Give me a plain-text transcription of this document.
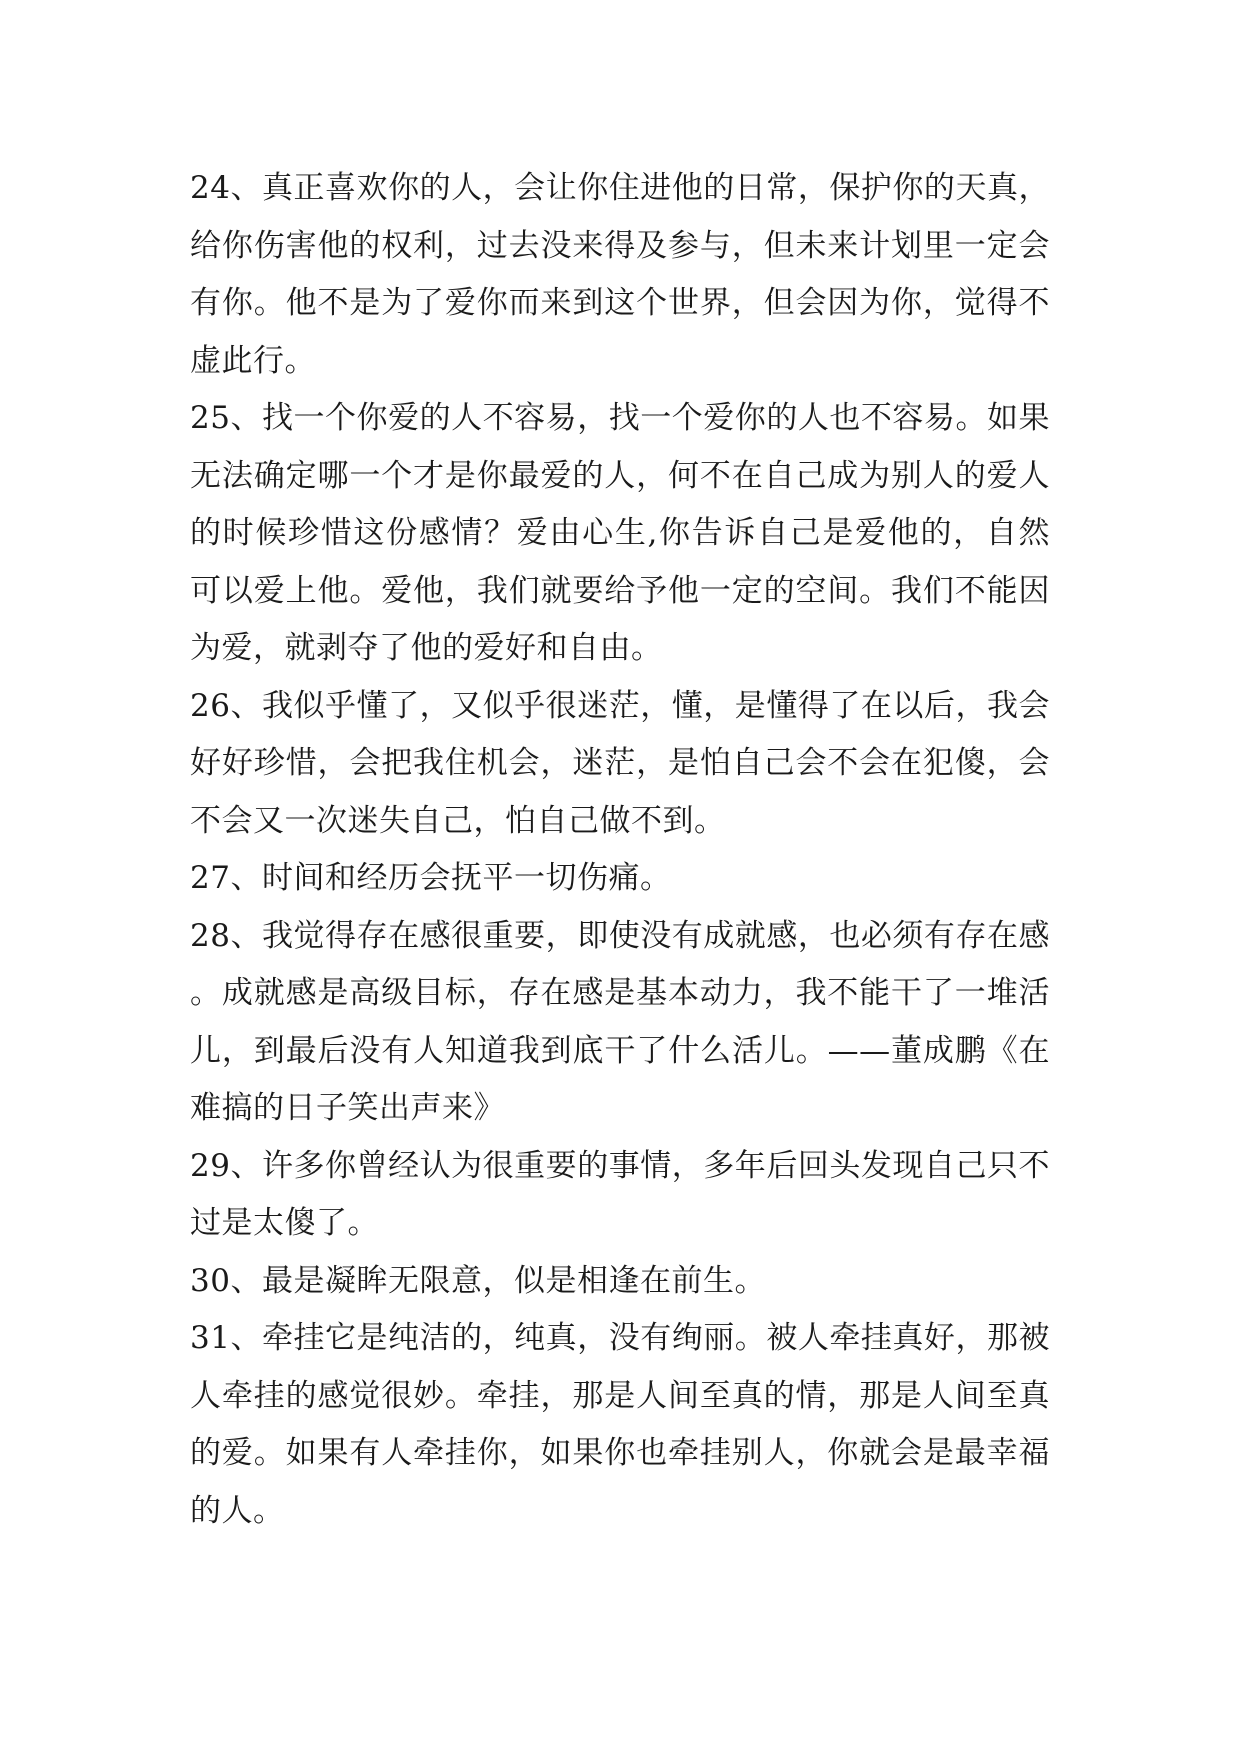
24、真正喜欢你的人，会让你住进他的日常，保护你的天真，给你伤害他的权利，过去没来得及参与，但未来计划里一定会有你。他不是为了爱你而来到这个世界，但会因为你，觉得不虚此行。

25、找一个你爱的人不容易，找一个爱你的人也不容易。如果无法确定哪一个才是你最爱的人，何不在自己成为别人的爱人的时候珍惜这份感情？爱由心生,你告诉自己是爱他的，自然可以爱上他。爱他，我们就要给予他一定的空间。我们不能因为爱，就剥夺了他的爱好和自由。

26、我似乎懂了，又似乎很迷茫，懂，是懂得了在以后，我会好好珍惜，会把我住机会，迷茫，是怕自己会不会在犯傻，会不会又一次迷失自己，怕自己做不到。

27、时间和经历会抚平一切伤痛。

28、我觉得存在感很重要，即使没有成就感，也必须有存在感。成就感是高级目标，存在感是基本动力，我不能干了一堆活儿，到最后没有人知道我到底干了什么活儿。——董成鹏《在难搞的日子笑出声来》

29、许多你曾经认为很重要的事情，多年后回头发现自己只不过是太傻了。

30、最是凝眸无限意，似是相逢在前生。

31、牵挂它是纯洁的，纯真，没有绚丽。被人牵挂真好，那被人牵挂的感觉很妙。牵挂，那是人间至真的情，那是人间至真的爱。如果有人牵挂你，如果你也牵挂别人，你就会是最幸福的人。
